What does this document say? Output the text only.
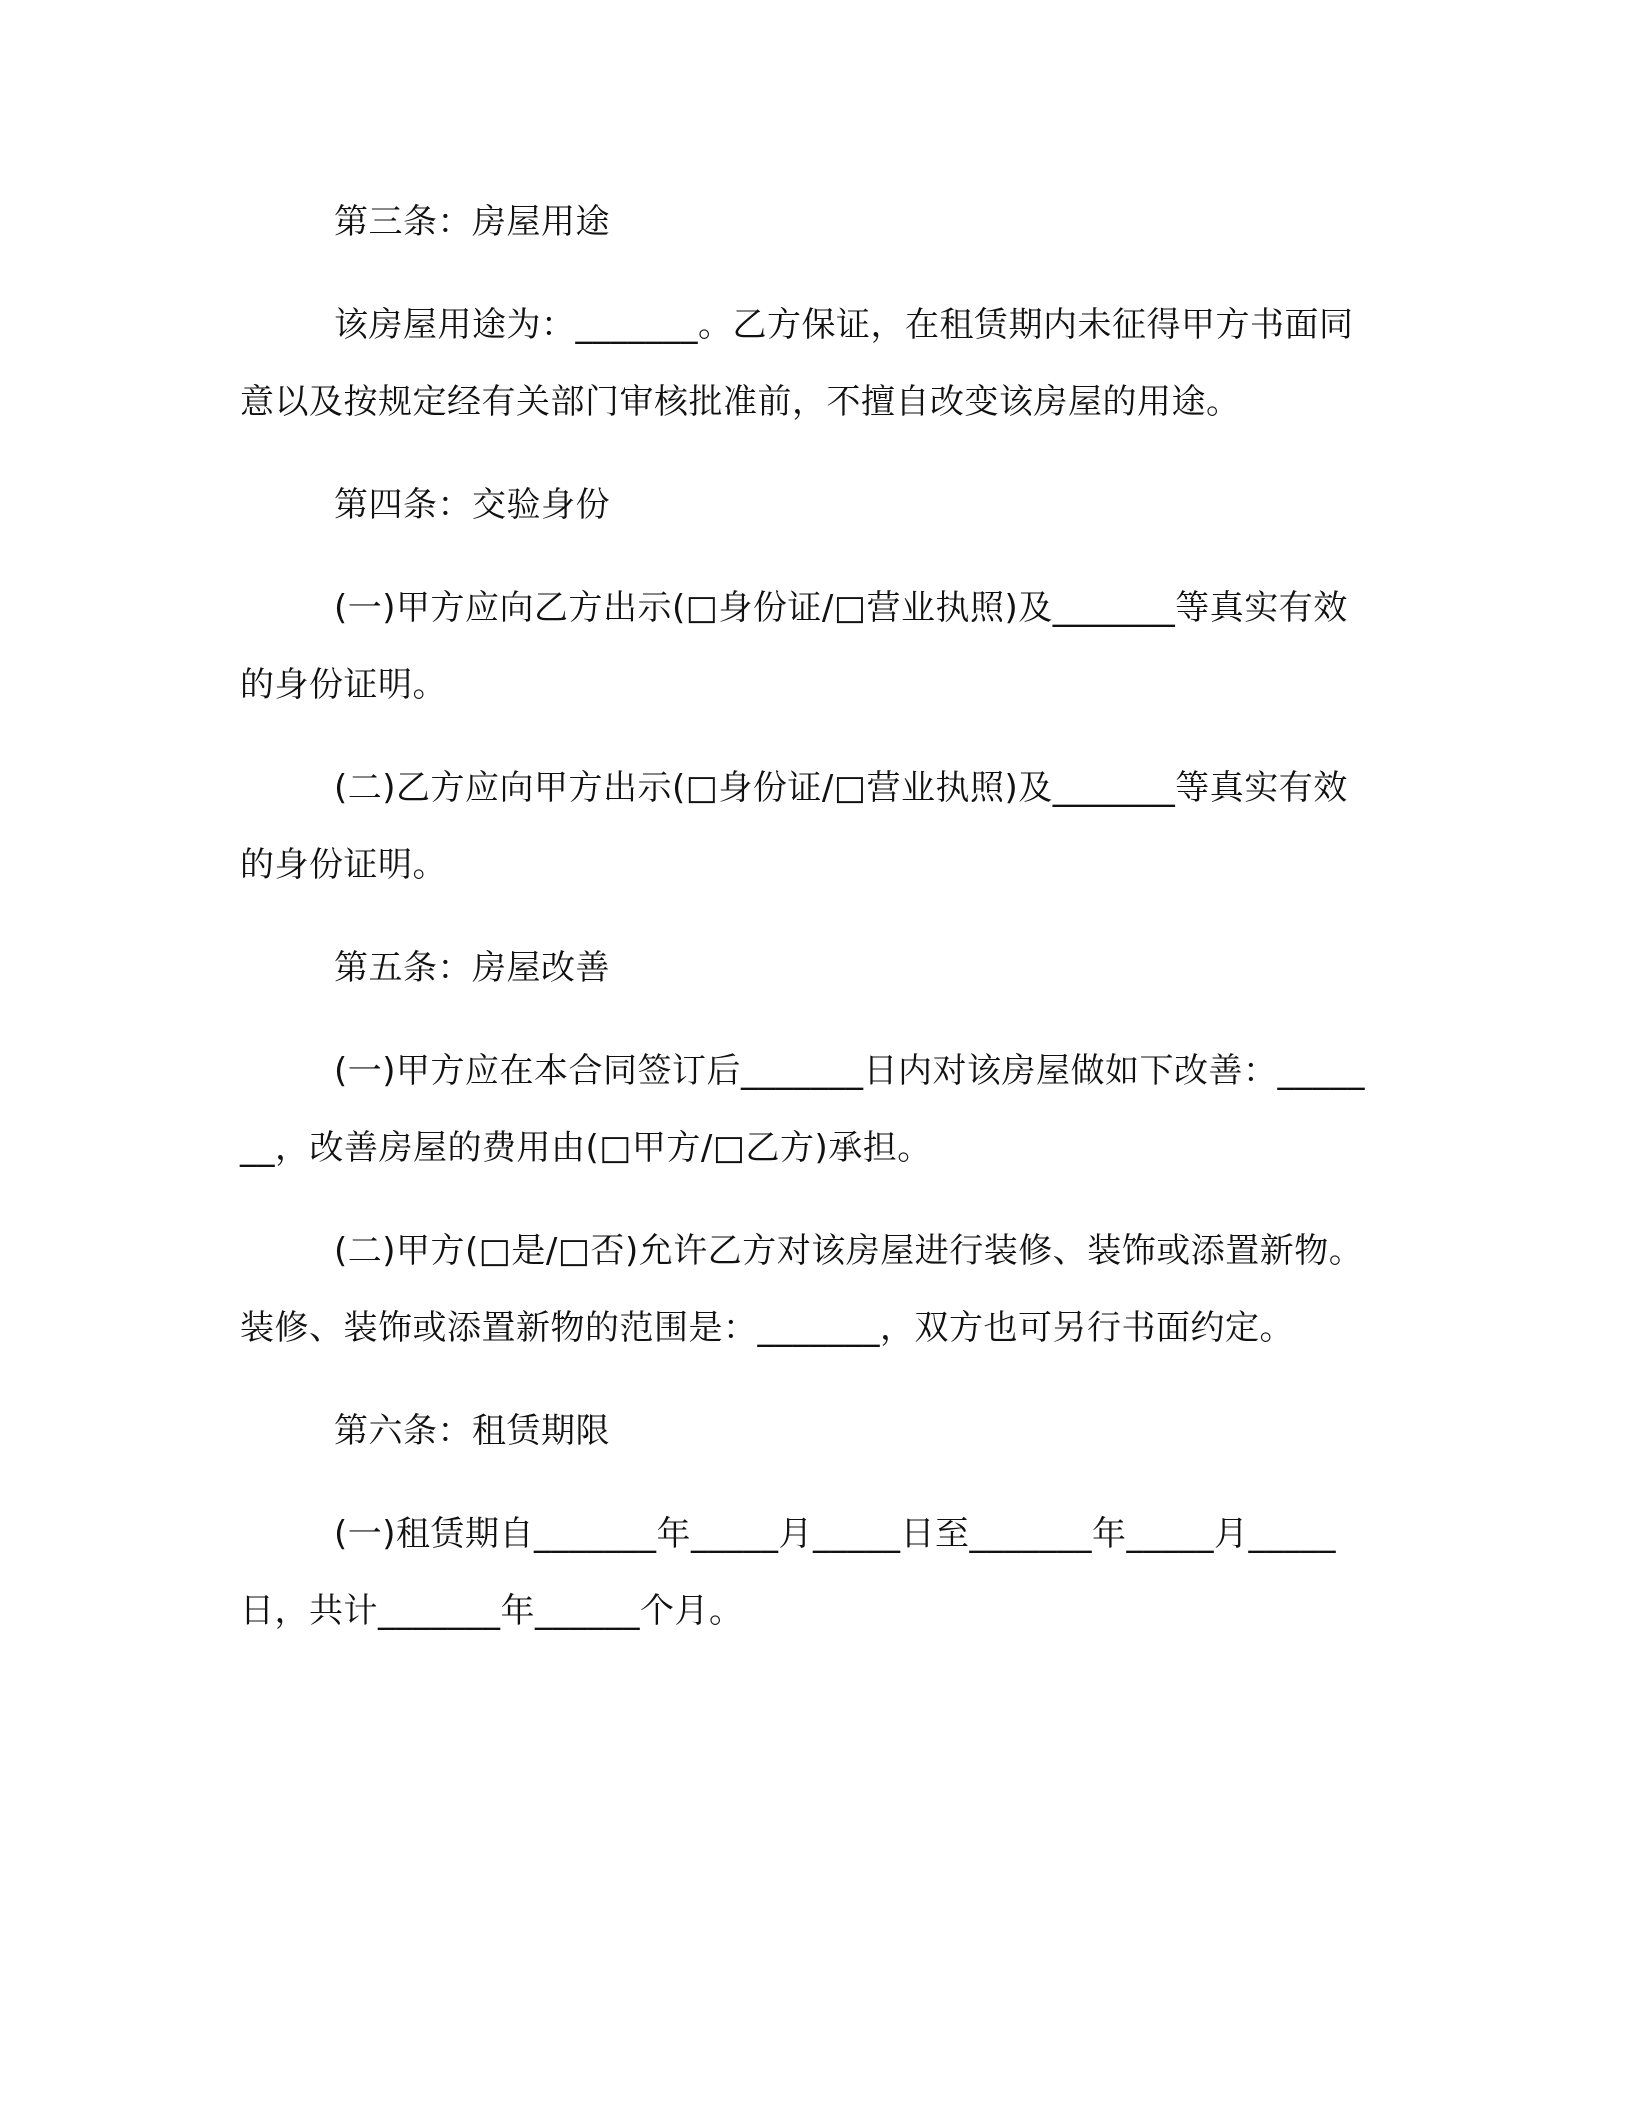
第三条：房屋用途

该房屋用途为：_______。乙方保证，在租赁期内未征得甲方书面同意以及按规定经有关部门审核批准前，不擅自改变该房屋的用途。

第四条：交验身份

(一)甲方应向乙方出示(□身份证/□营业执照)及_______等真实有效的身份证明。

(二)乙方应向甲方出示(□身份证/□营业执照)及_______等真实有效的身份证明。

第五条：房屋改善

(一)甲方应在本合同签订后_______日内对该房屋做如下改善：_______，改善房屋的费用由(□甲方/□乙方)承担。

(二)甲方(□是/□否)允许乙方对该房屋进行装修、装饰或添置新物。装修、装饰或添置新物的范围是：_______，双方也可另行书面约定。

第六条：租赁期限

(一)租赁期自_______年_____月_____日至_______年_____月_____日，共计_______年______个月。
